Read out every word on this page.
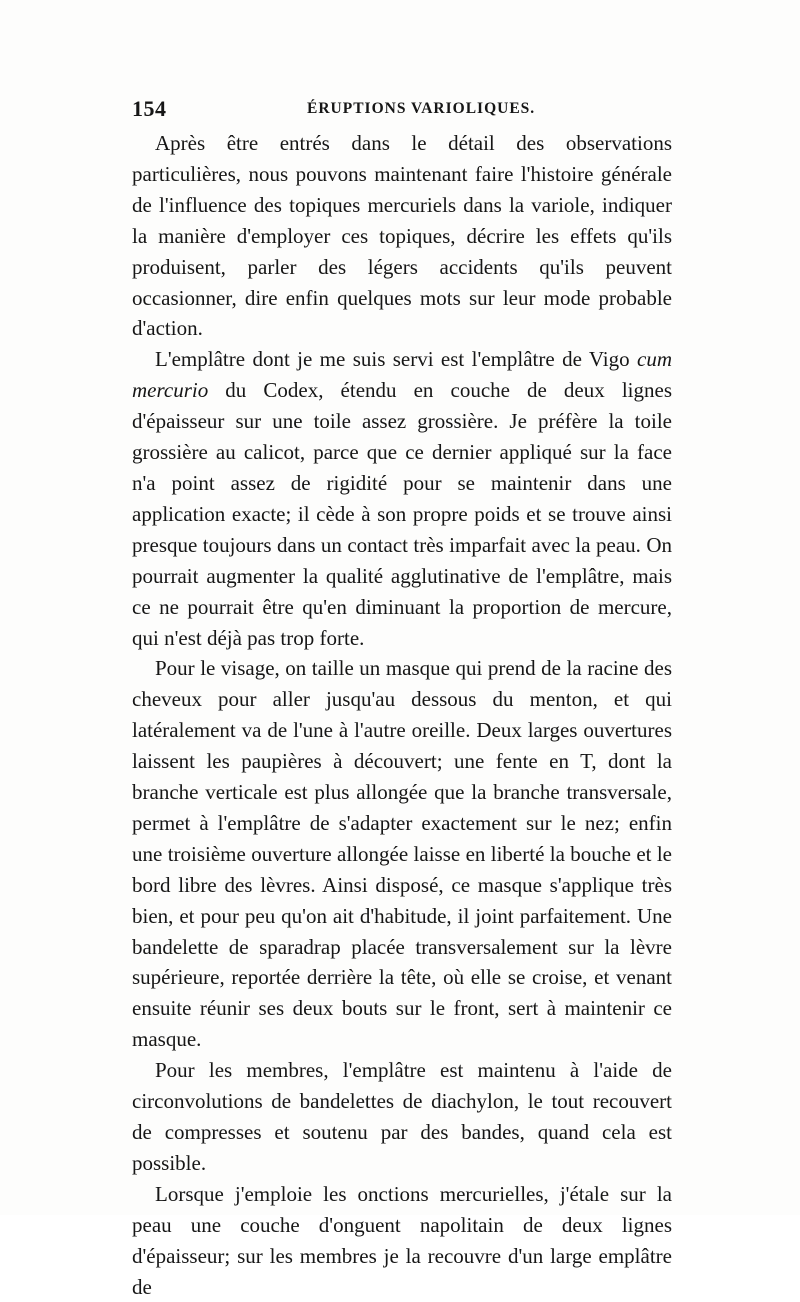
154	ÉRUPTIONS VARIOLIQUES.

Après être entrés dans le détail des observations particulières, nous pouvons maintenant faire l'histoire générale de l'influence des topiques mercuriels dans la variole, indiquer la manière d'employer ces topiques, décrire les effets qu'ils produisent, parler des légers accidents qu'ils peuvent occasionner, dire enfin quelques mots sur leur mode probable d'action.

L'emplâtre dont je me suis servi est l'emplâtre de Vigo cum mercurio du Codex, étendu en couche de deux lignes d'épaisseur sur une toile assez grossière. Je préfère la toile grossière au calicot, parce que ce dernier appliqué sur la face n'a point assez de rigidité pour se maintenir dans une application exacte; il cède à son propre poids et se trouve ainsi presque toujours dans un contact très imparfait avec la peau. On pourrait augmenter la qualité agglutinative de l'emplâtre, mais ce ne pourrait être qu'en diminuant la proportion de mercure, qui n'est déjà pas trop forte.

Pour le visage, on taille un masque qui prend de la racine des cheveux pour aller jusqu'au dessous du menton, et qui latéralement va de l'une à l'autre oreille. Deux larges ouvertures laissent les paupières à découvert; une fente en T, dont la branche verticale est plus allongée que la branche transversale, permet à l'emplâtre de s'adapter exactement sur le nez; enfin une troisième ouverture allongée laisse en liberté la bouche et le bord libre des lèvres. Ainsi disposé, ce masque s'applique très bien, et pour peu qu'on ait d'habitude, il joint parfaitement. Une bandelette de sparadrap placée transversalement sur la lèvre supérieure, reportée derrière la tête, où elle se croise, et venant ensuite réunir ses deux bouts sur le front, sert à maintenir ce masque.

Pour les membres, l'emplâtre est maintenu à l'aide de circonvolutions de bandelettes de diachylon, le tout recouvert de compresses et soutenu par des bandes, quand cela est possible.

Lorsque j'emploie les onctions mercurielles, j'étale sur la peau une couche d'onguent napolitain de deux lignes d'épaisseur; sur les membres je la recouvre d'un large emplâtre de
